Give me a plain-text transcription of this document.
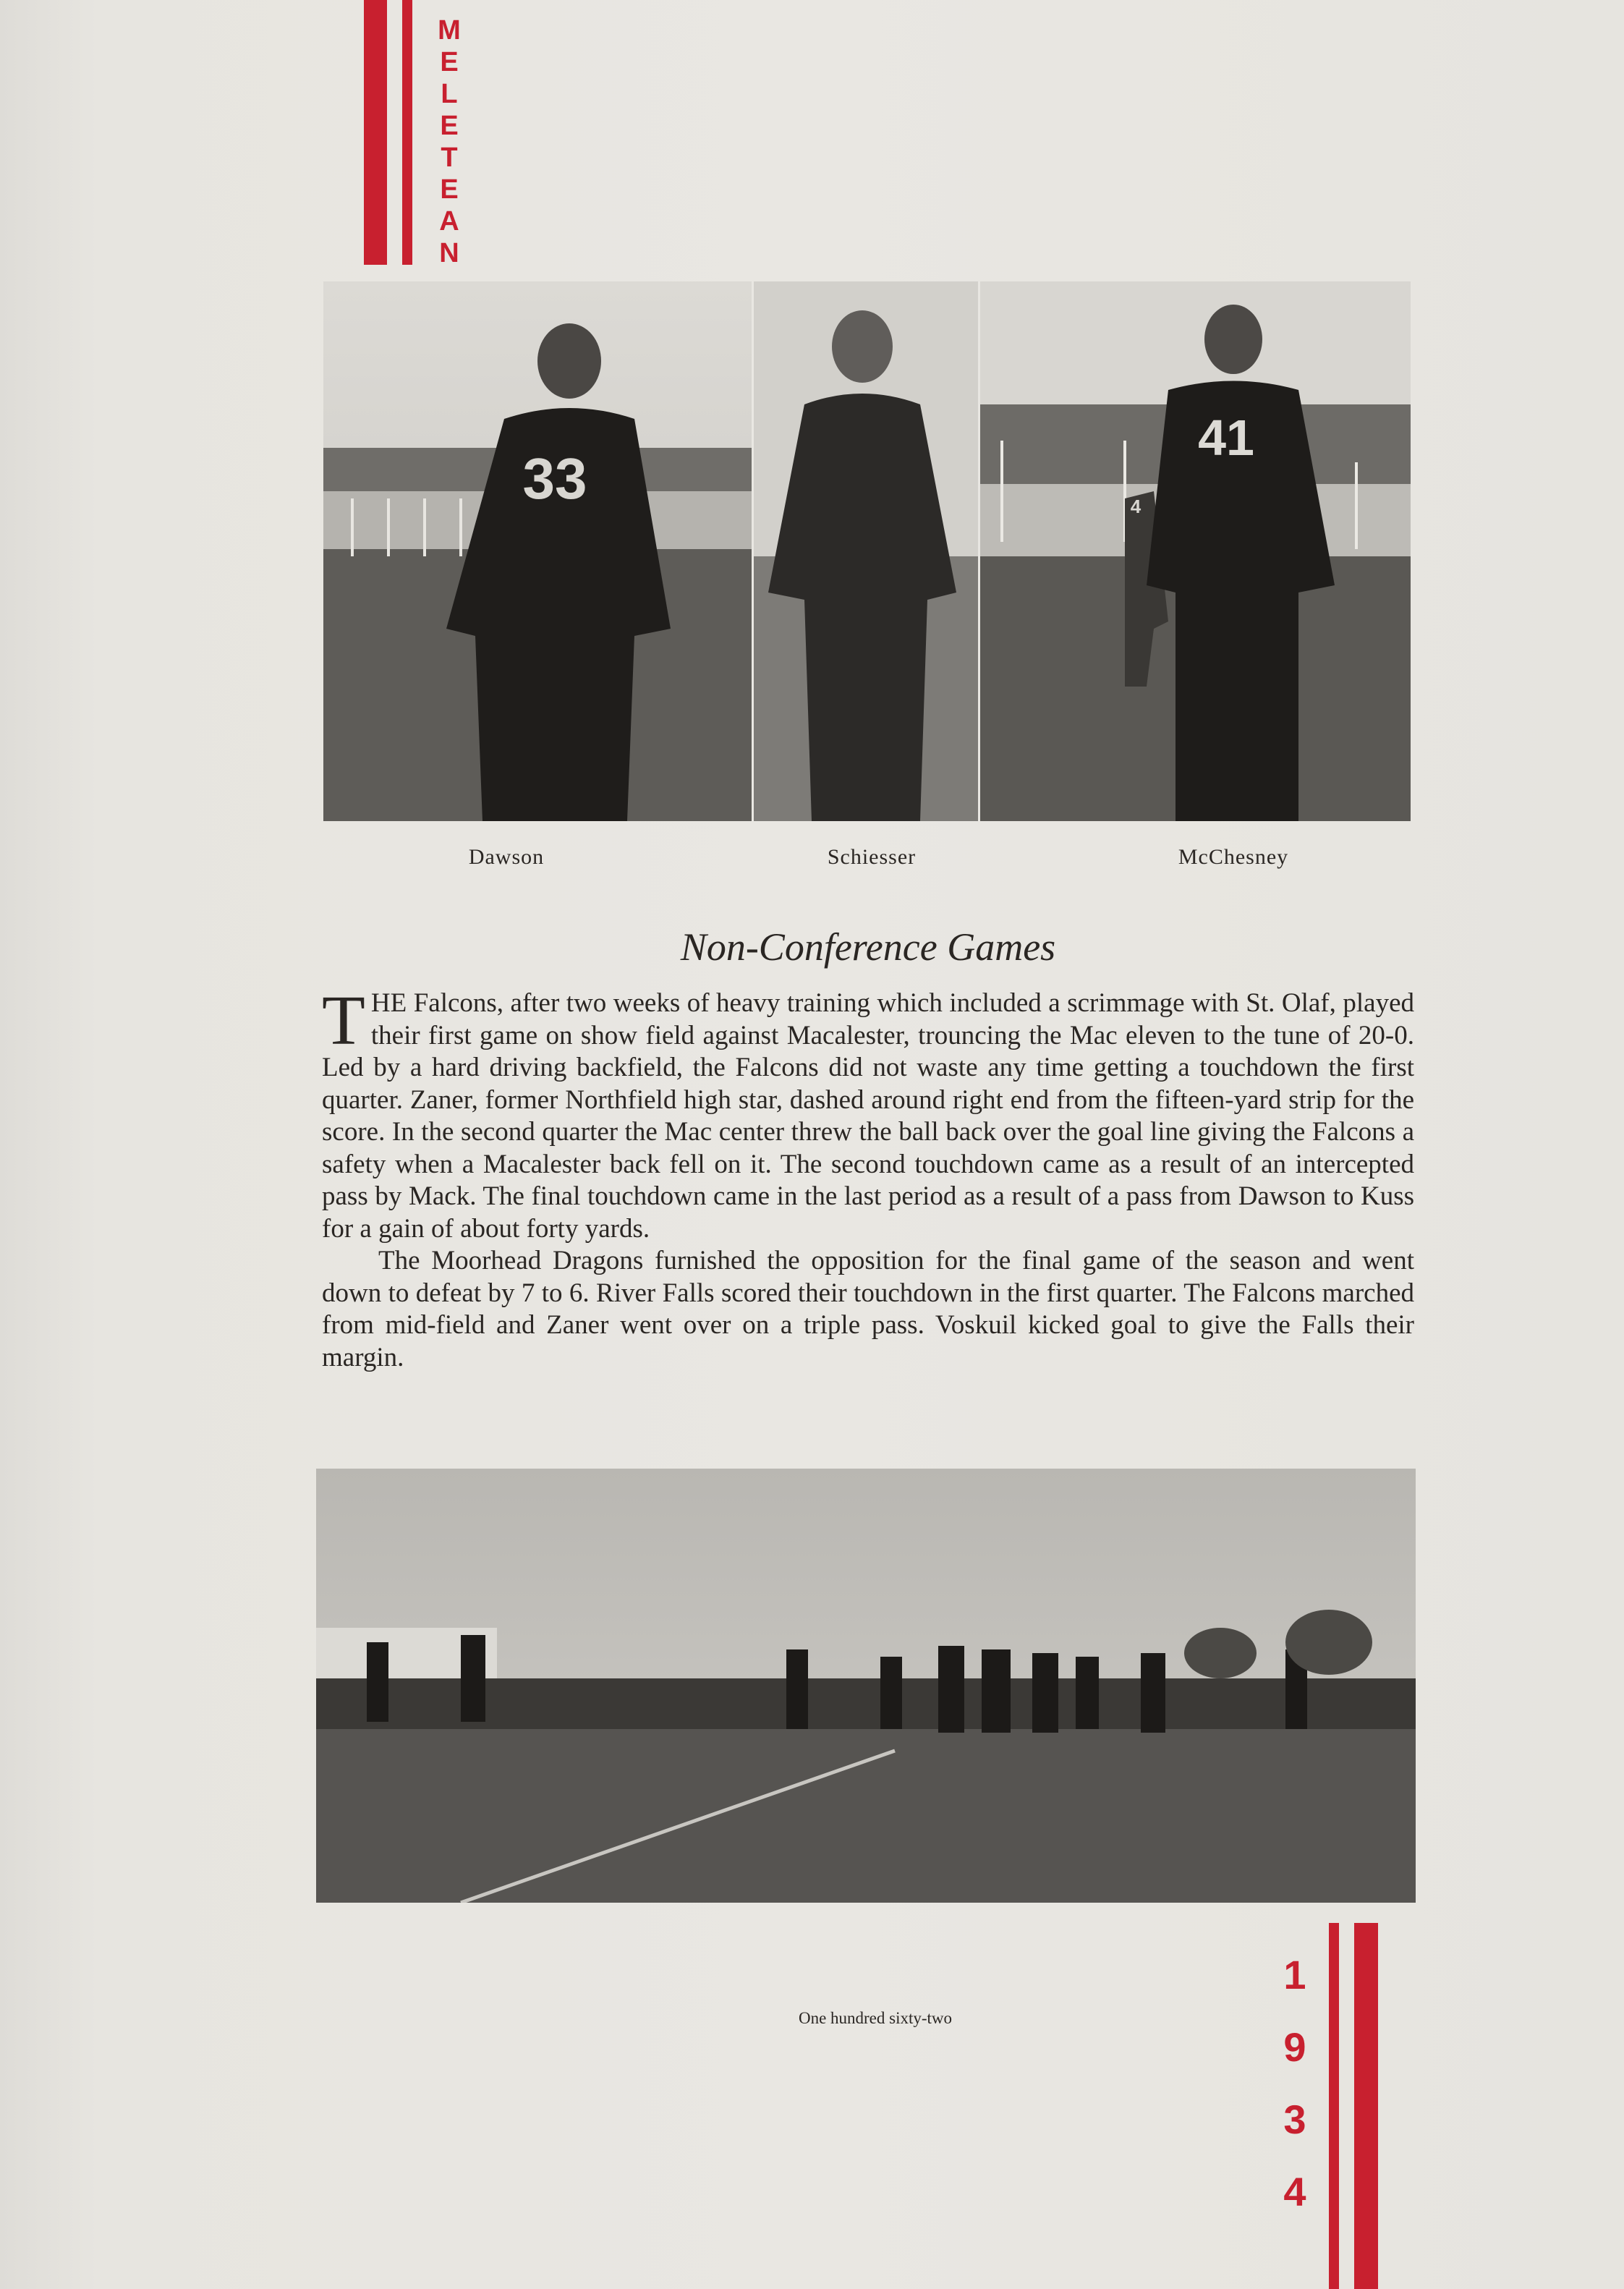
M
E
L
E
T
E
A
N
33	4
41
Dawson	Schiesser	McChesney
Non-Conference Games

THE Falcons, after two weeks of heavy training which included a scrimmage with St. Olaf, played their first game on show field against Macalester, trouncing the Mac eleven to the tune of 20-0. Led by a hard driving backfield, the Falcons did not waste any time getting a touchdown the first quarter. Zaner, former Northfield high star, dashed around right end from the fifteen-yard strip for the score. In the second quarter the Mac center threw the ball back over the goal line giving the Falcons a safety when a Macalester back fell on it. The second touchdown came as a result of an intercepted pass by Mack. The final touchdown came in the last period as a result of a pass from Dawson to Kuss for a gain of about forty yards.

The Moorhead Dragons furnished the opposition for the final game of the season and went down to defeat by 7 to 6. River Falls scored their touchdown in the first quarter. The Falcons marched from mid-field and Zaner went over on a triple pass. Voskuil kicked goal to give the Falls their margin.

One hundred sixty-two
1
9
3
4
